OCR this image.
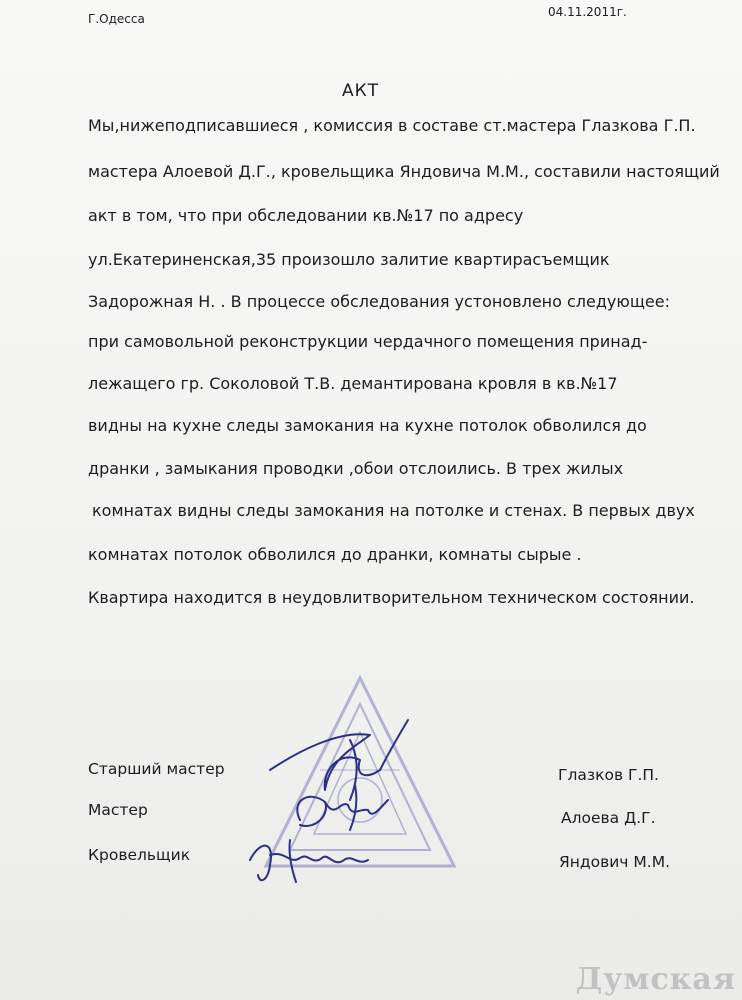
Г.Одесса	04.11.2011г.
АКТ
Мы,нижеподписавшиеся , комиссия в составе ст.мастера Глазкова Г.П.
мастера Алоевой Д.Г., кровельщика Яндовича М.М., составили настоящий
акт в том, что при обследовании кв.№17 по адресу
ул.Екатериненская,35 произошло залитие квартирасъемщик
Задорожная Н. . В процессе обследования устоновлено следующее:
при самовольной реконструкции чердачного помещения принад-
лежащего гр. Соколовой Т.В. демантирована кровля в кв.№17
видны на кухне следы замокания на кухне потолок обволился до
дранки , замыкания проводки ,обои отслоились. В трех жилых
комнатах видны следы замокания на потолке и стенах. В первых двух
комнатах потолок обволился до дранки, комнаты сырые .
Квартира находится в неудовлитворительном техническом состоянии.
Старший мастер
Мастер
Кровельщик
Глазков Г.П.
Алоева Д.Г.
Яндович М.М.
Думская
